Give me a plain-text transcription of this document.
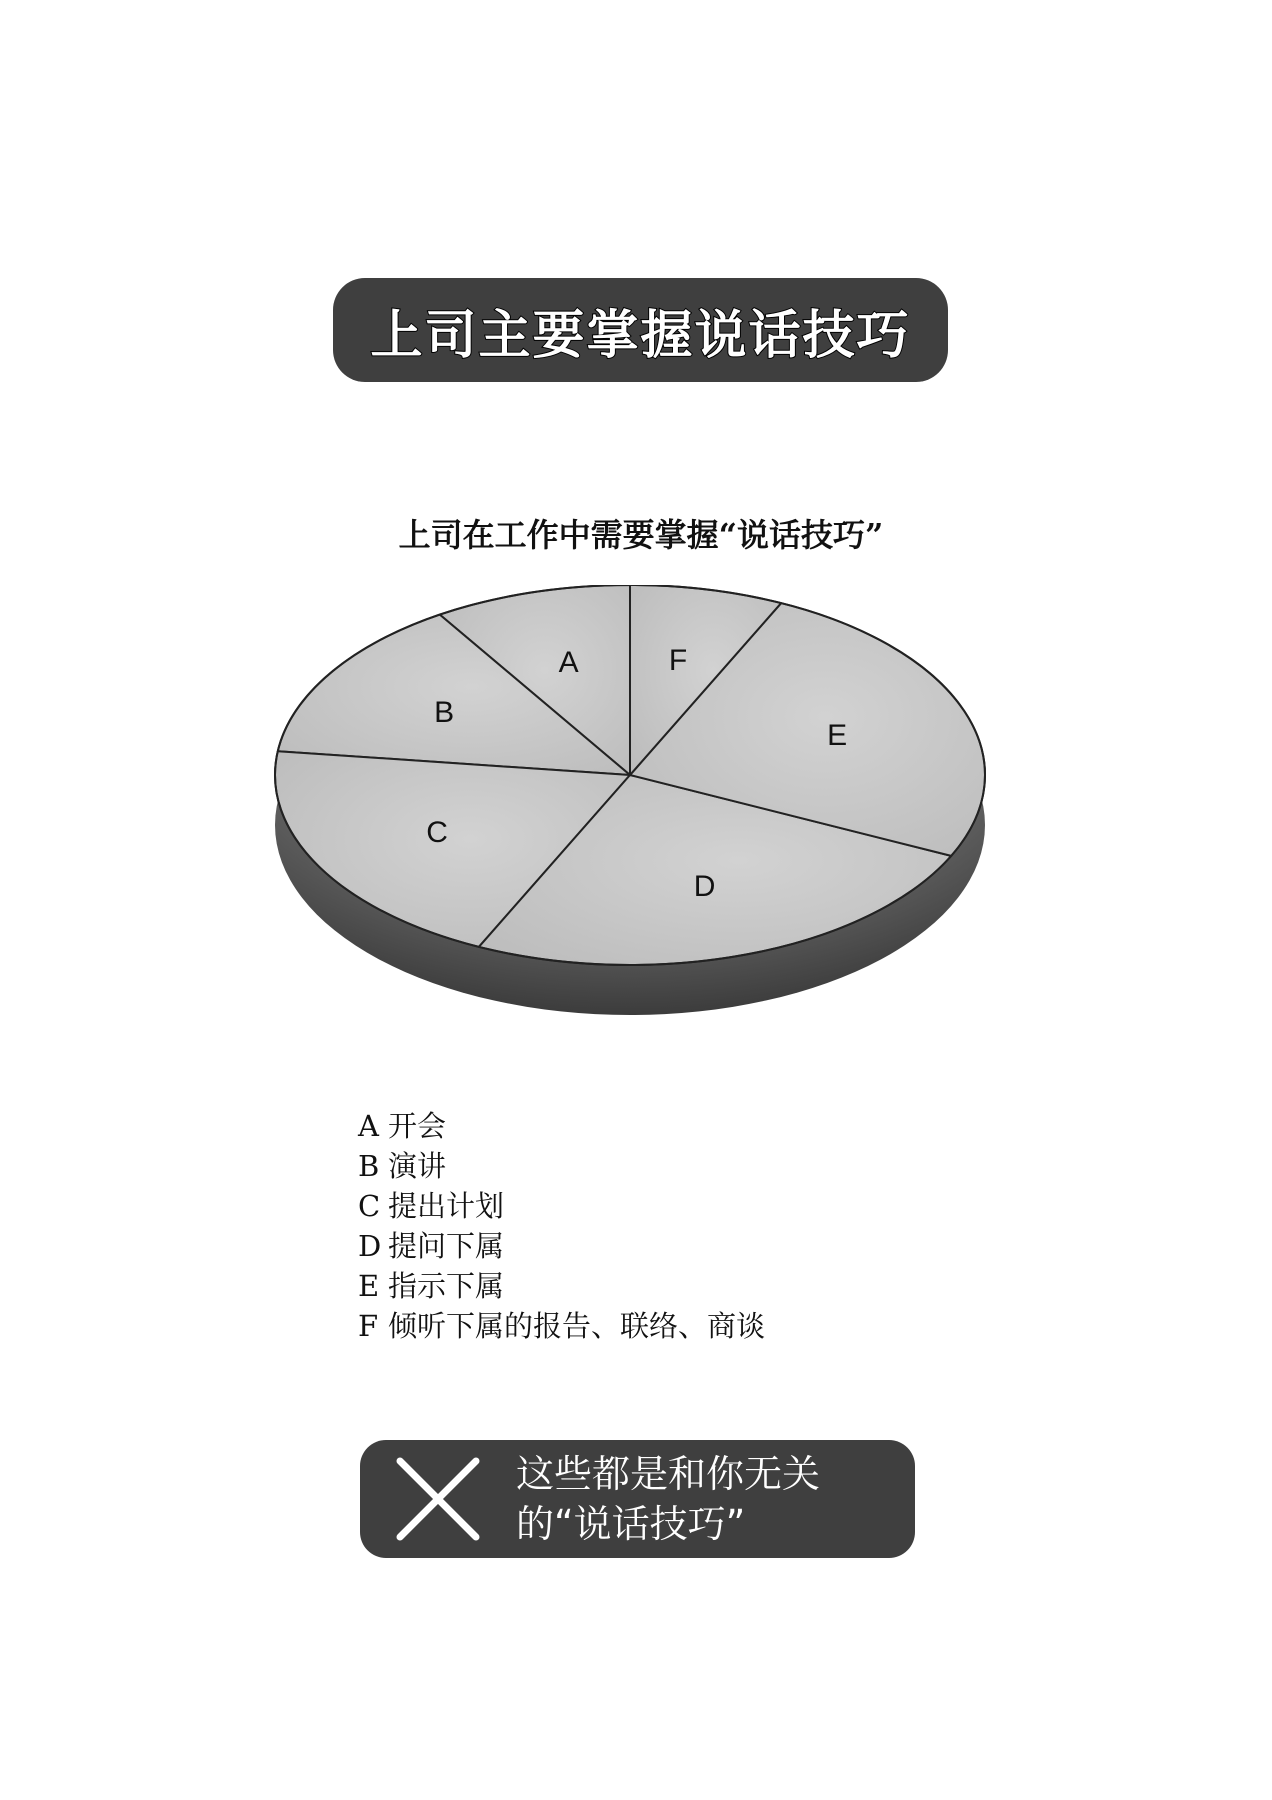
上司主要掌握说话技巧
上司在工作中需要掌握“说话技巧”
A
B
C
D
E
F
A 开会
B 演讲
C 提出计划
D 提问下属
E 指示下属
F 倾听下属的报告、联络、商谈
这些都是和你无关
的“说话技巧”
